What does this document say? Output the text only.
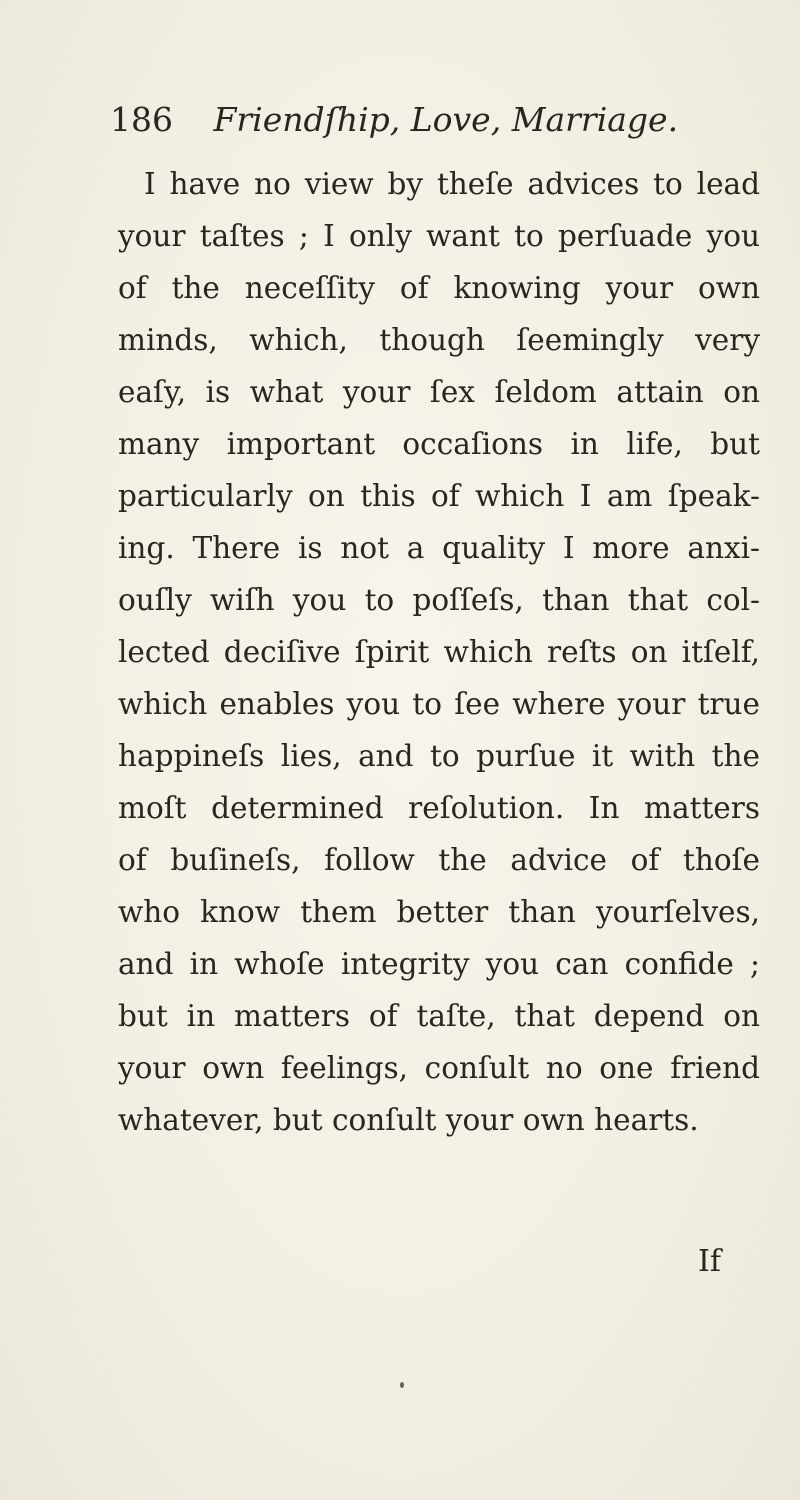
186 Friendſhip, Love, Marriage.
I have no view by theſe advices to lead
your taſtes ; I only want to perſuade you
of the neceſſity of knowing your own
minds, which, though ſeemingly very
eaſy, is what your ſex ſeldom attain on
many important occaſions in life, but
particularly on this of which I am ſpeak-
ing. There is not a quality I more anxi-
ouſly wiſh you to poſſeſs, than that col-
lected deciſive ſpirit which reſts on itſelf,
which enables you to ſee where your true
happineſs lies, and to purſue it with the
moſt determined reſolution. In matters
of buſineſs, follow the advice of thoſe
who know them better than yourſelves,
and in whoſe integrity you can confide ;
but in matters of taſte, that depend on
your own feelings, conſult no one friend
whatever, but conſult your own hearts.
If
